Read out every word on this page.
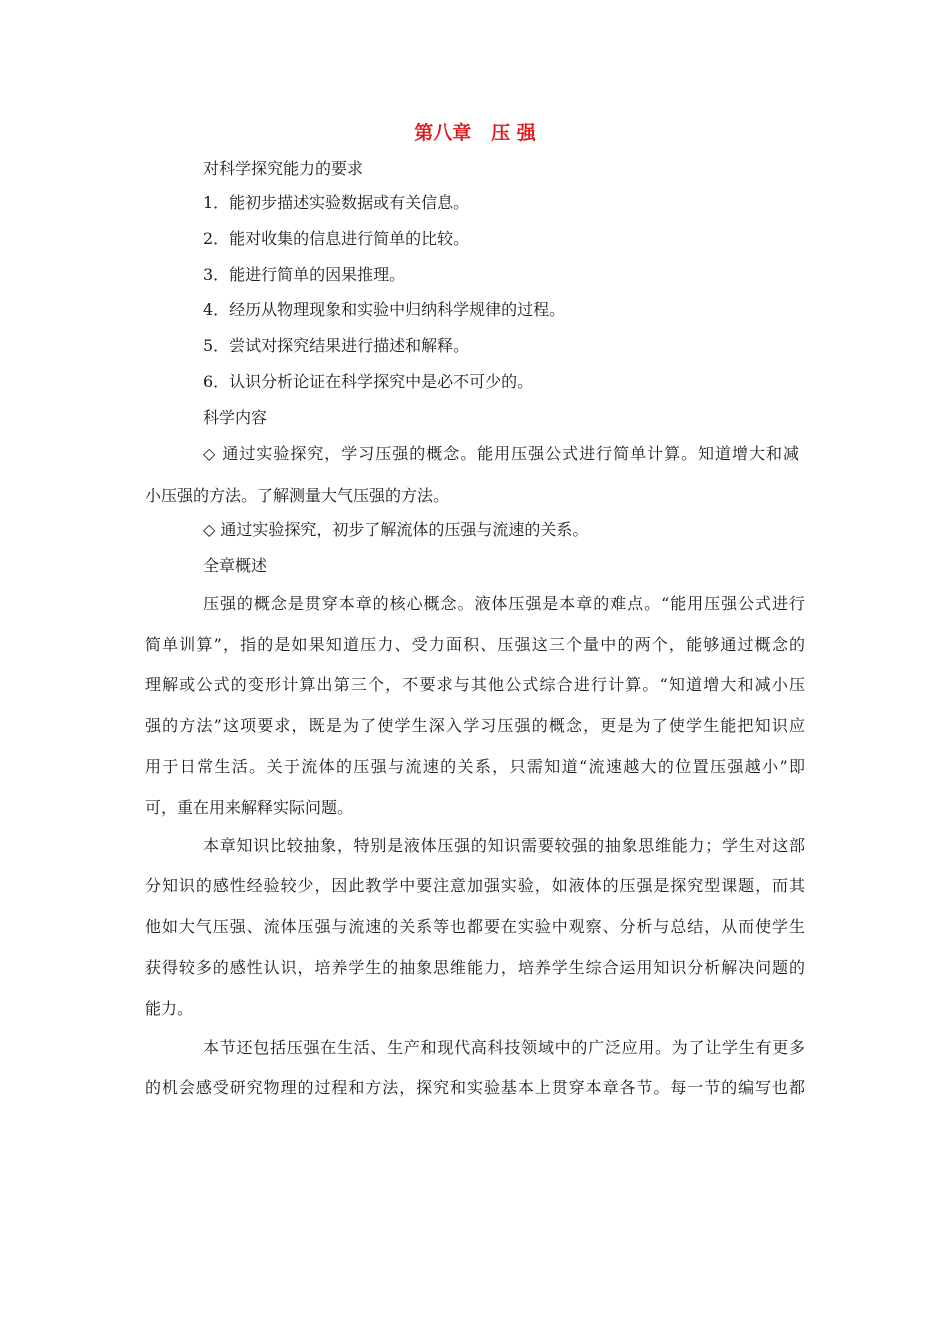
第八章   压 强
对科学探究能力的要求
1．能初步描述实验数据或有关信息。
2．能对收集的信息进行简单的比较。
3．能进行简单的因果推理。
4．经历从物理现象和实验中归纳科学规律的过程。
5．尝试对探究结果进行描述和解释。
6．认识分析论证在科学探究中是必不可少的。
科学内容
◇ 通过实验探究，学习压强的概念。能用压强公式进行简单计算。知道增大和减
小压强的方法。了解测量大气压强的方法。
◇ 通过实验探究，初步了解流体的压强与流速的关系。
全章概述
压强的概念是贯穿本章的核心概念。液体压强是本章的难点。“能用压强公式进行
简单训算”，指的是如果知道压力、受力面积、压强这三个量中的两个，能够通过概念的
理解或公式的变形计算出第三个，不要求与其他公式综合进行计算。“知道增大和减小压
强的方法”这项要求，既是为了使学生深入学习压强的概念，更是为了使学生能把知识应
用于日常生活。关于流体的压强与流速的关系，只需知道“流速越大的位置压强越小”即
可，重在用来解释实际问题。
本章知识比较抽象，特别是液体压强的知识需要较强的抽象思维能力；学生对这部
分知识的感性经验较少，因此教学中要注意加强实验，如液体的压强是探究型课题，而其
他如大气压强、流体压强与流速的关系等也都要在实验中观察、分析与总结，从而使学生
获得较多的感性认识，培养学生的抽象思维能力，培养学生综合运用知识分析解决问题的
能力。
本节还包括压强在生活、生产和现代高科技领域中的广泛应用。为了让学生有更多
的机会感受研究物理的过程和方法，探究和实验基本上贯穿本章各节。每一节的编写也都
